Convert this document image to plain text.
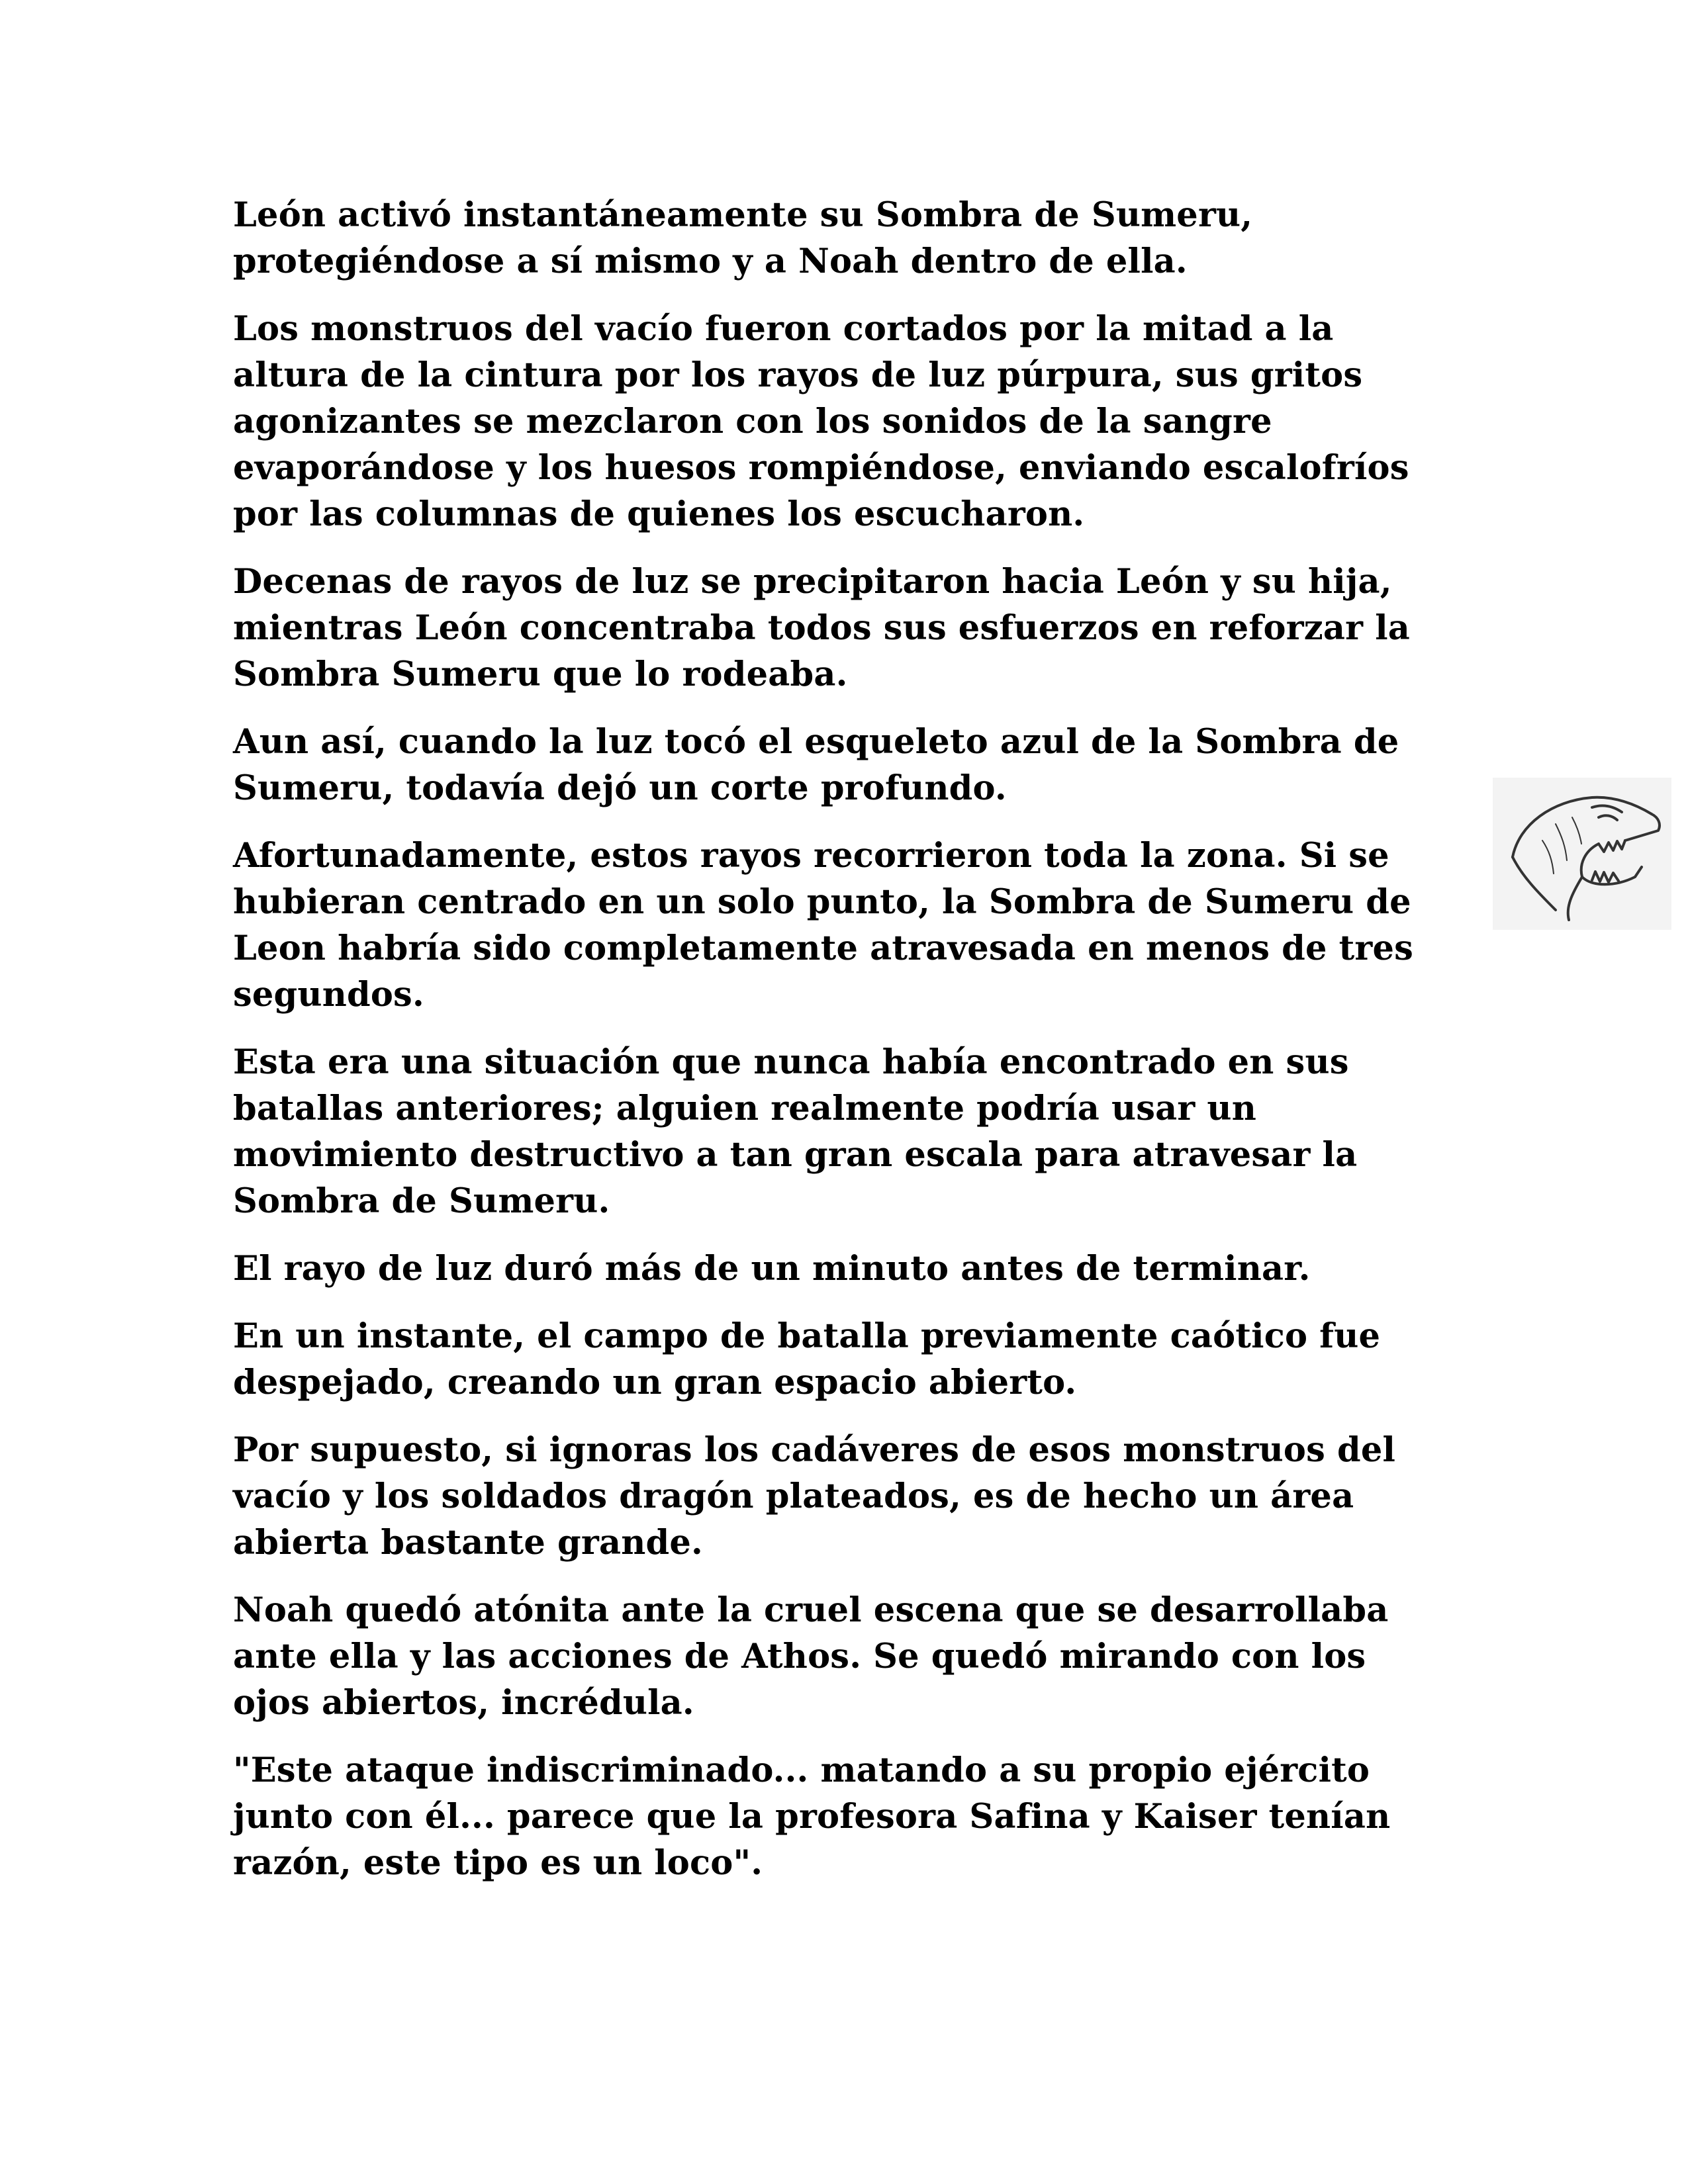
León activó instantáneamente su Sombra de Sumeru,
protegiéndose a sí mismo y a Noah dentro de ella.

Los monstruos del vacío fueron cortados por la mitad a la
altura de la cintura por los rayos de luz púrpura, sus gritos
agonizantes se mezclaron con los sonidos de la sangre
evaporándose y los huesos rompiéndose, enviando escalofríos
por las columnas de quienes los escucharon.

Decenas de rayos de luz se precipitaron hacia León y su hija,
mientras León concentraba todos sus esfuerzos en reforzar la
Sombra Sumeru que lo rodeaba.

Aun así, cuando la luz tocó el esqueleto azul de la Sombra de
Sumeru, todavía dejó un corte profundo.

Afortunadamente, estos rayos recorrieron toda la zona. Si se
hubieran centrado en un solo punto, la Sombra de Sumeru de
Leon habría sido completamente atravesada en menos de tres
segundos.

Esta era una situación que nunca había encontrado en sus
batallas anteriores; alguien realmente podría usar un
movimiento destructivo a tan gran escala para atravesar la
Sombra de Sumeru.

El rayo de luz duró más de un minuto antes de terminar.

En un instante, el campo de batalla previamente caótico fue
despejado, creando un gran espacio abierto.

Por supuesto, si ignoras los cadáveres de esos monstruos del
vacío y los soldados dragón plateados, es de hecho un área
abierta bastante grande.

Noah quedó atónita ante la cruel escena que se desarrollaba
ante ella y las acciones de Athos. Se quedó mirando con los
ojos abiertos, incrédula.

"Este ataque indiscriminado... matando a su propio ejército
junto con él... parece que la profesora Safina y Kaiser tenían
razón, este tipo es un loco".
